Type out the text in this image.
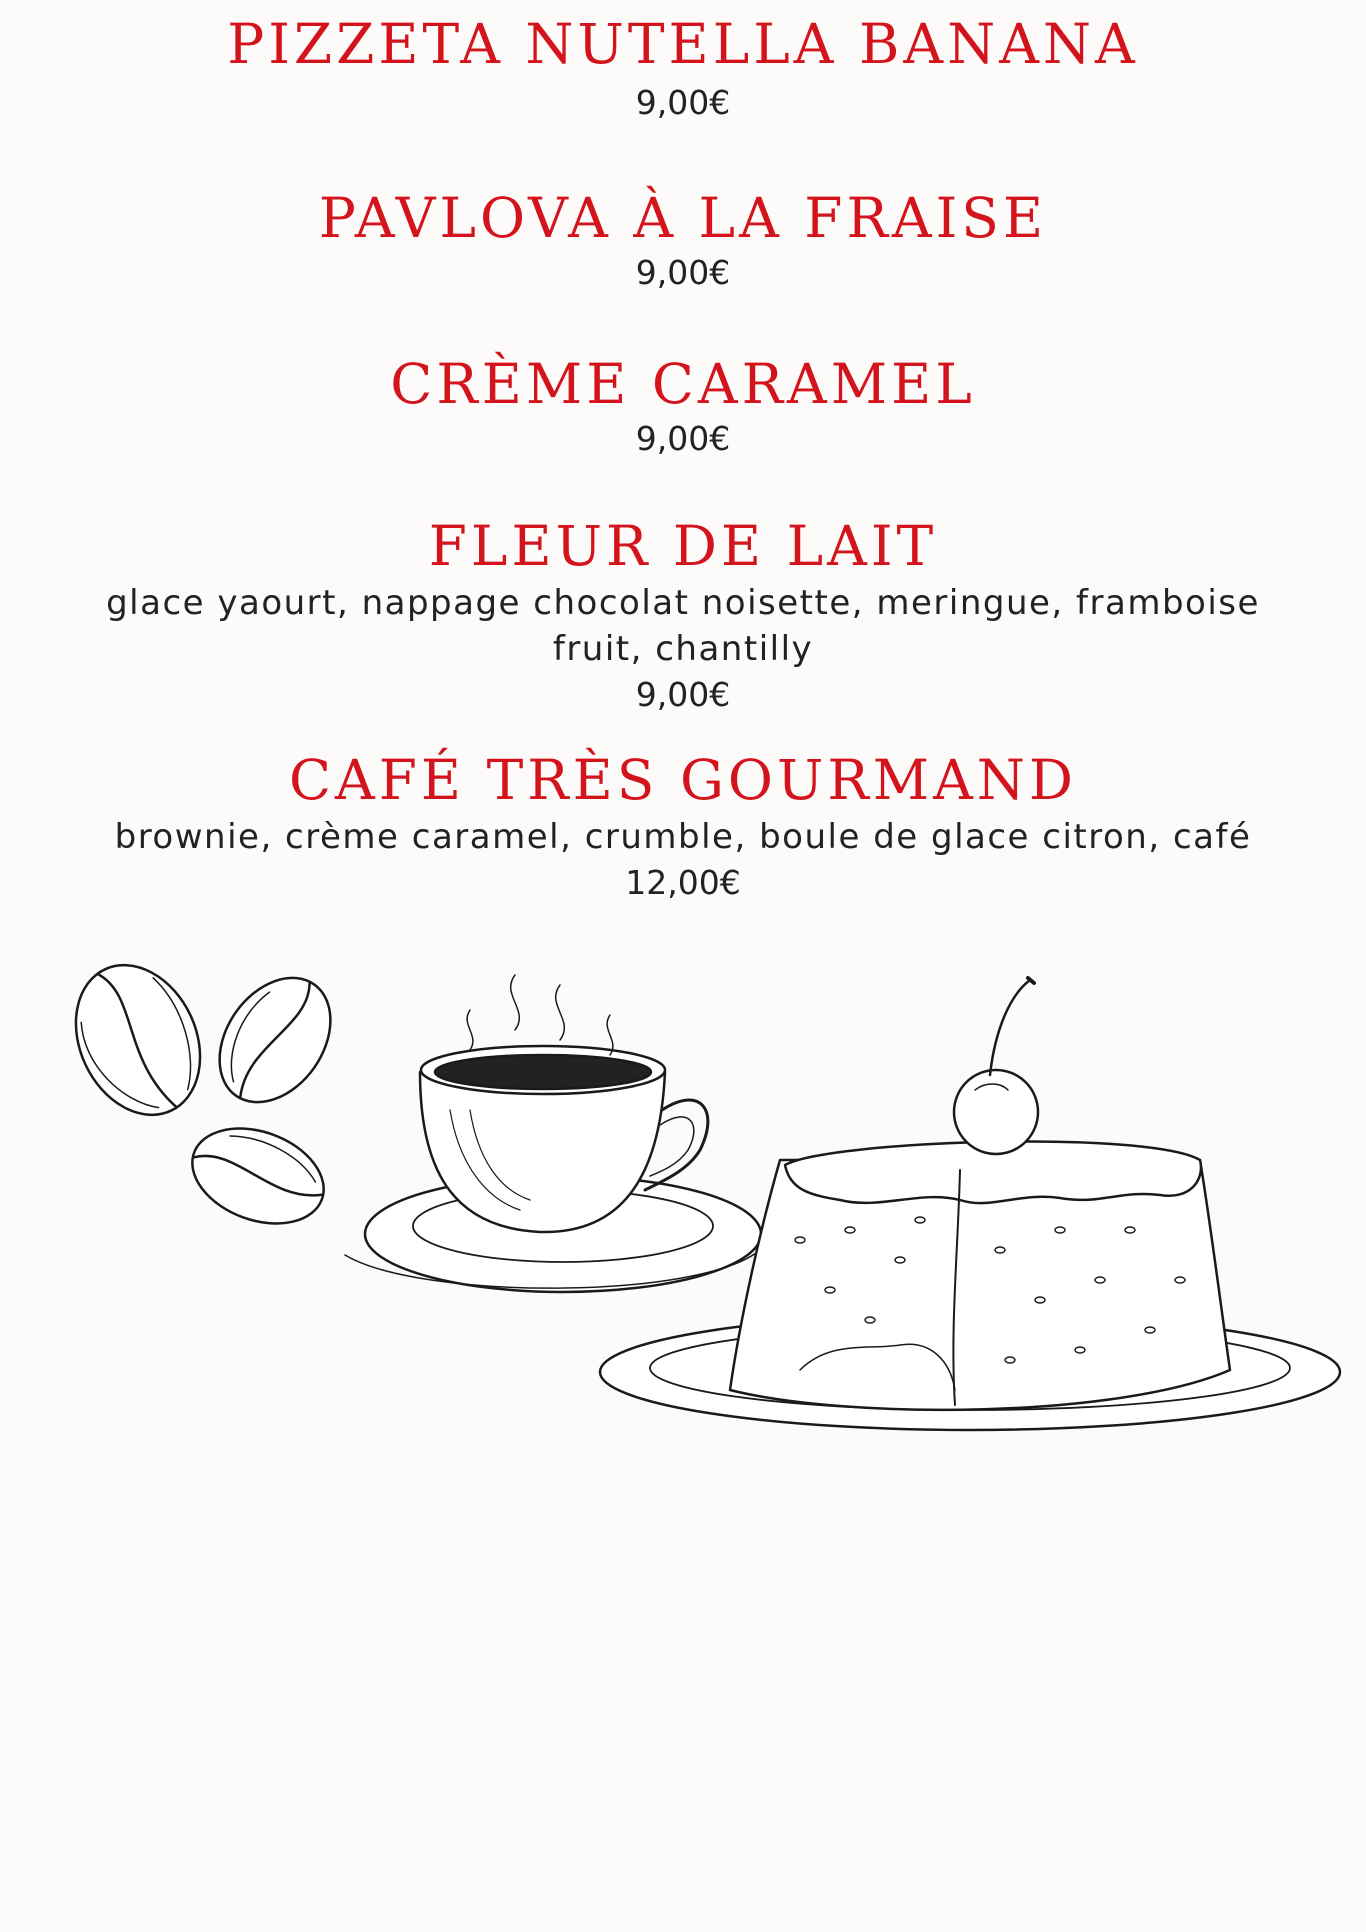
PIZZETA NUTELLA BANANA

9,00€

PAVLOVA À LA FRAISE

9,00€

CRÈME CARAMEL

9,00€

FLEUR DE LAIT

glace yaourt, nappage chocolat noisette, meringue, framboise

fruit, chantilly

9,00€

CAFÉ TRÈS GOURMAND

brownie, crème caramel, crumble, boule de glace citron, café

12,00€
